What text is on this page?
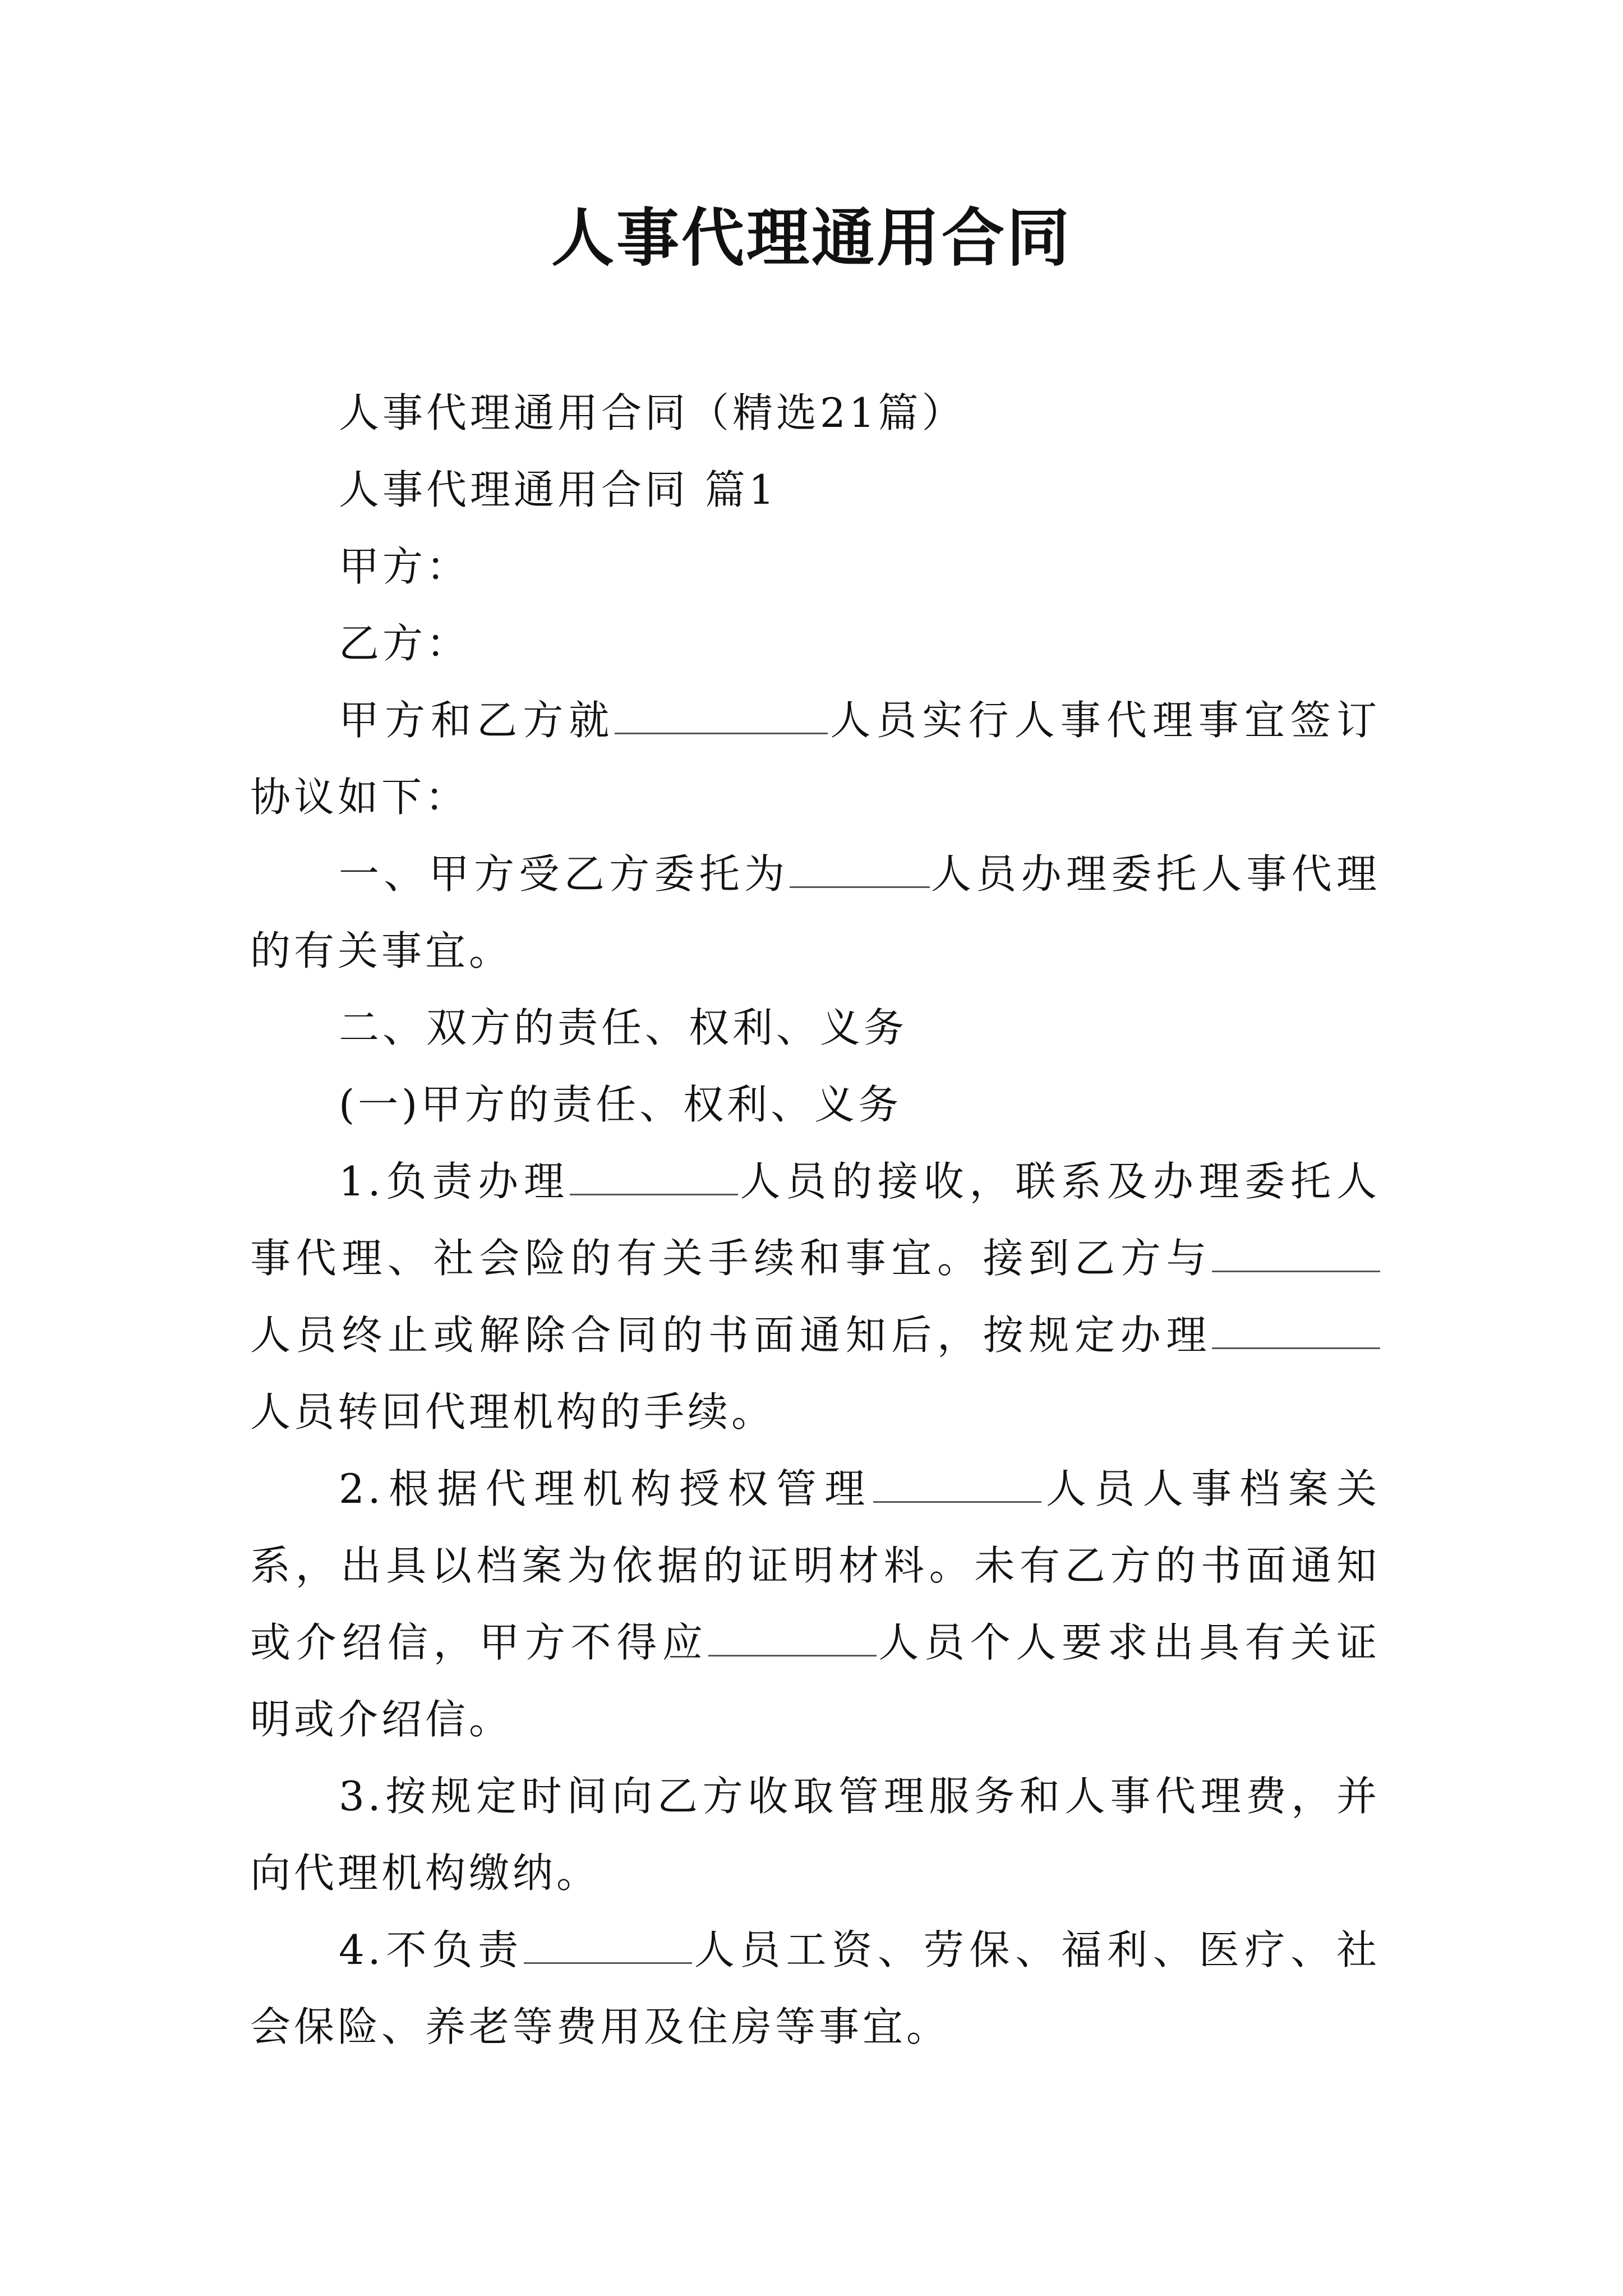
人事代理通用合同

人事代理通用合同（精选21篇）

人事代理通用合同 篇1

甲方：

乙方：

甲方和乙方就	人员实行人事代理事宜签订协议如下：

一、甲方受乙方委托为	人员办理委托人事代理的有关事宜。

二、双方的责任、权利、义务

(一)甲方的责任、权利、义务

1.负责办理	人员的接收，联系及办理委托人事代理、社会险的有关手续和事宜。接到乙方与人员终止或解除合同的书面通知后，按规定办理人员转回代理机构的手续。

2.根据代理机构授权管理	人员人事档案关系，出具以档案为依据的证明材料。未有乙方的书面通知或介绍信，甲方不得应	人员个人要求出具有关证明或介绍信。

3.按规定时间向乙方收取管理服务和人事代理费，并向代理机构缴纳。

4.不负责	人员工资、劳保、福利、医疗、社会保险、养老等费用及住房等事宜。
